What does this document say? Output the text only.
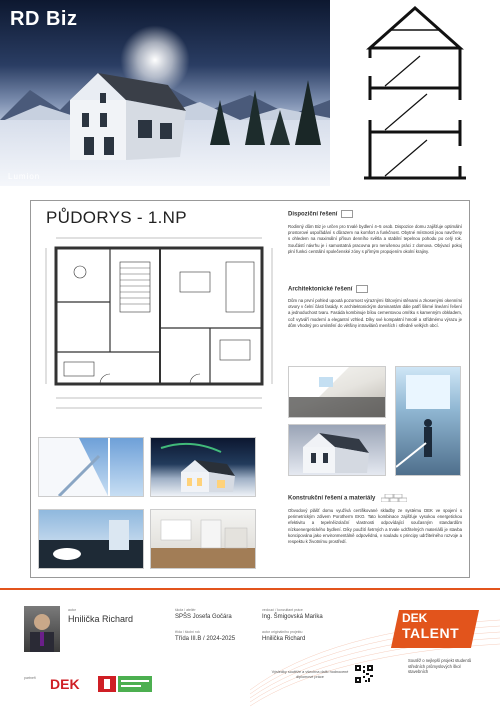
RD Biz
Lumion
PŮDORYS - 1.NP	Dispoziční řešení
Rodinný dům Biz je určen pro trvalé bydlení 4–5 osob. Dispozice domu zajišťuje optimální prostorové uspořádání s důrazem na komfort a funkčnost. Obytné místnosti jsou navrženy s ohledem na maximální přísun denního světla a stabilní tepelnou pohodu po celý rok. Součástí návrhu je i samostatná pracovna pro nerušenou práci z domova. Obývací pokoj plní funkci centrální společenské zóny s přímým propojením okolní krajiny.
Architektonické řešení
Dům na první pohled upoutá pozornost výraznými štítovými stěnami a zkosenými okenními otvory v čelní části fasády. K architektonickým dominantám dále patří šikmé lineární řešení a jednoduchost tvaru. Fasáda kombinuje bílou cementovou omítku s kamenným obkladem, což vytváří moderní a elegantní vzhled. Díky své kompaktní hmotě a střídmému výrazu je dům vhodný pro umístění do většiny intravilánů menších i středně velkých obcí.
Konstrukční řešení a materiály
Obvodový plášť domu využívá certifikované skladby ze systému DEK ve spojení s perimetrickým zdivem Porotherm EKO. Tato kombinace zajišťuje vysokou energetickou efektivitu a tepelněizolační vlastnosti odpovídající současným standardům nízkoenergetického bydlení. Díky použití šetrných a trvale udržitelných materiálů je stavba koncipována jako environmentálně odpovědná, v souladu s principy udržitelného rozvoje a respektu k životnímu prostředí.
autor
Hnilička Richard
škola / ateliér
SPŠS Josefa Gočára
třída / školní rok
Třída III.B / 2024-2025
vedoucí / konzultant práce
Ing. Šmigovská Marika
autor originálního projektu
Hnilička Richard
DEK
TALENT
Soutěž o nejlepší projekt studentů středních průmyslových škol stavebních
partneři DEK
Výsledky soutěže a všechna další hodnocené diplomové práce
